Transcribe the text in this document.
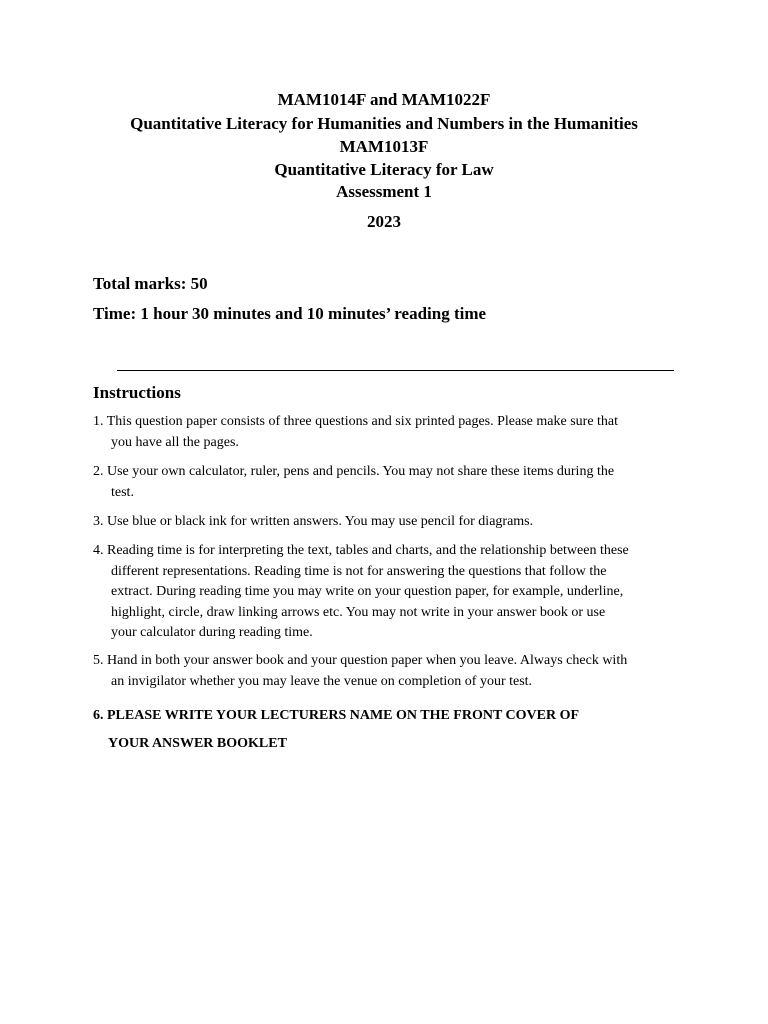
MAM1014F and MAM1022F
Quantitative Literacy for Humanities and Numbers in the Humanities
MAM1013F
Quantitative Literacy for Law
Assessment 1
2023
Total marks: 50
Time: 1 hour 30 minutes and 10 minutes’ reading time
Instructions
1. This question paper consists of three questions and six printed pages. Please make sure that
you have all the pages.
2. Use your own calculator, ruler, pens and pencils. You may not share these items during the
test.
3. Use blue or black ink for written answers. You may use pencil for diagrams.
4. Reading time is for interpreting the text, tables and charts, and the relationship between these
different representations. Reading time is not for answering the questions that follow the
extract. During reading time you may write on your question paper, for example, underline,
highlight, circle, draw linking arrows etc. You may not write in your answer book or use
your calculator during reading time.
5. Hand in both your answer book and your question paper when you leave. Always check with
an invigilator whether you may leave the venue on completion of your test.
6. PLEASE WRITE YOUR LECTURERS NAME ON THE FRONT COVER OF
YOUR ANSWER BOOKLET
